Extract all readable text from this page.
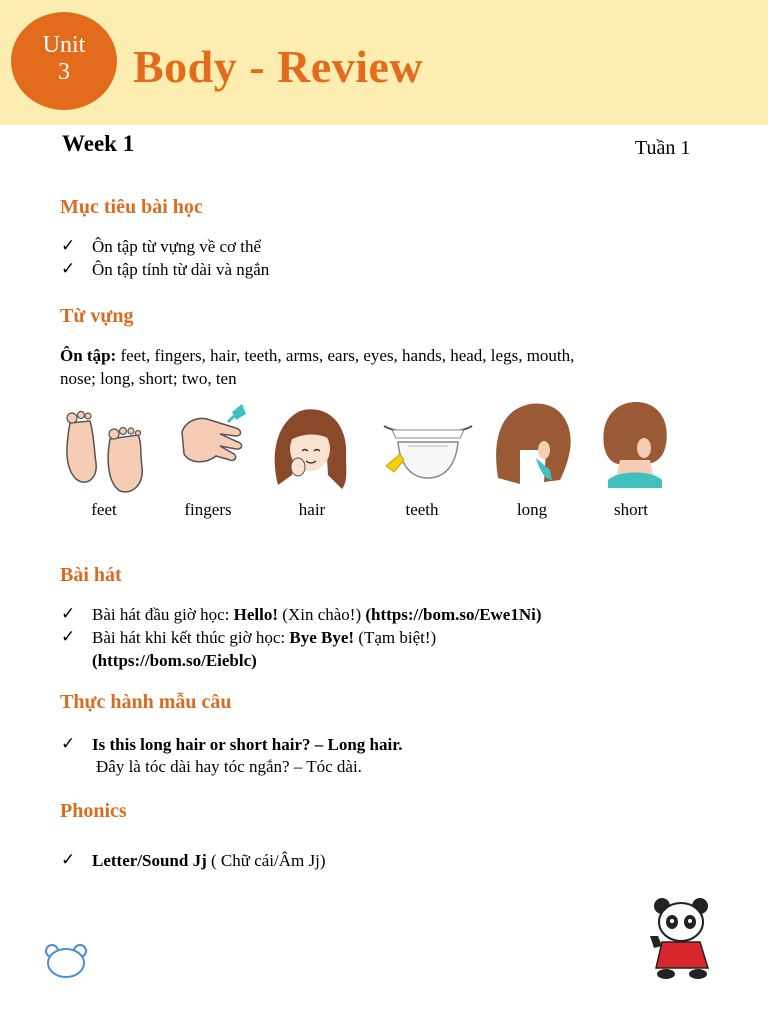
Unit
3	Body - Review
Week 1	Tuần 1
Mục tiêu bài học
✓ Ôn tập từ vựng về cơ thể
✓ Ôn tập tính từ dài và ngắn
Từ vựng
Ôn tập: feet, fingers, hair, teeth, arms, ears, eyes, hands, head, legs, mouth,
nose; long, short; two, ten
feet	fingers	hair	teeth	long	short
Bài hát
✓ Bài hát đầu giờ học: Hello! (Xin chào!) (https://bom.so/Ewe1Ni)
✓ Bài hát khi kết thúc giờ học: Bye Bye! (Tạm biệt!)
(https://bom.so/Eieblc)
Thực hành mẫu câu
✓ Is this long hair or short hair? – Long hair.
Đây là tóc dài hay tóc ngắn? – Tóc dài.
Phonics
✓ Letter/Sound Jj ( Chữ cái/Âm Jj)
